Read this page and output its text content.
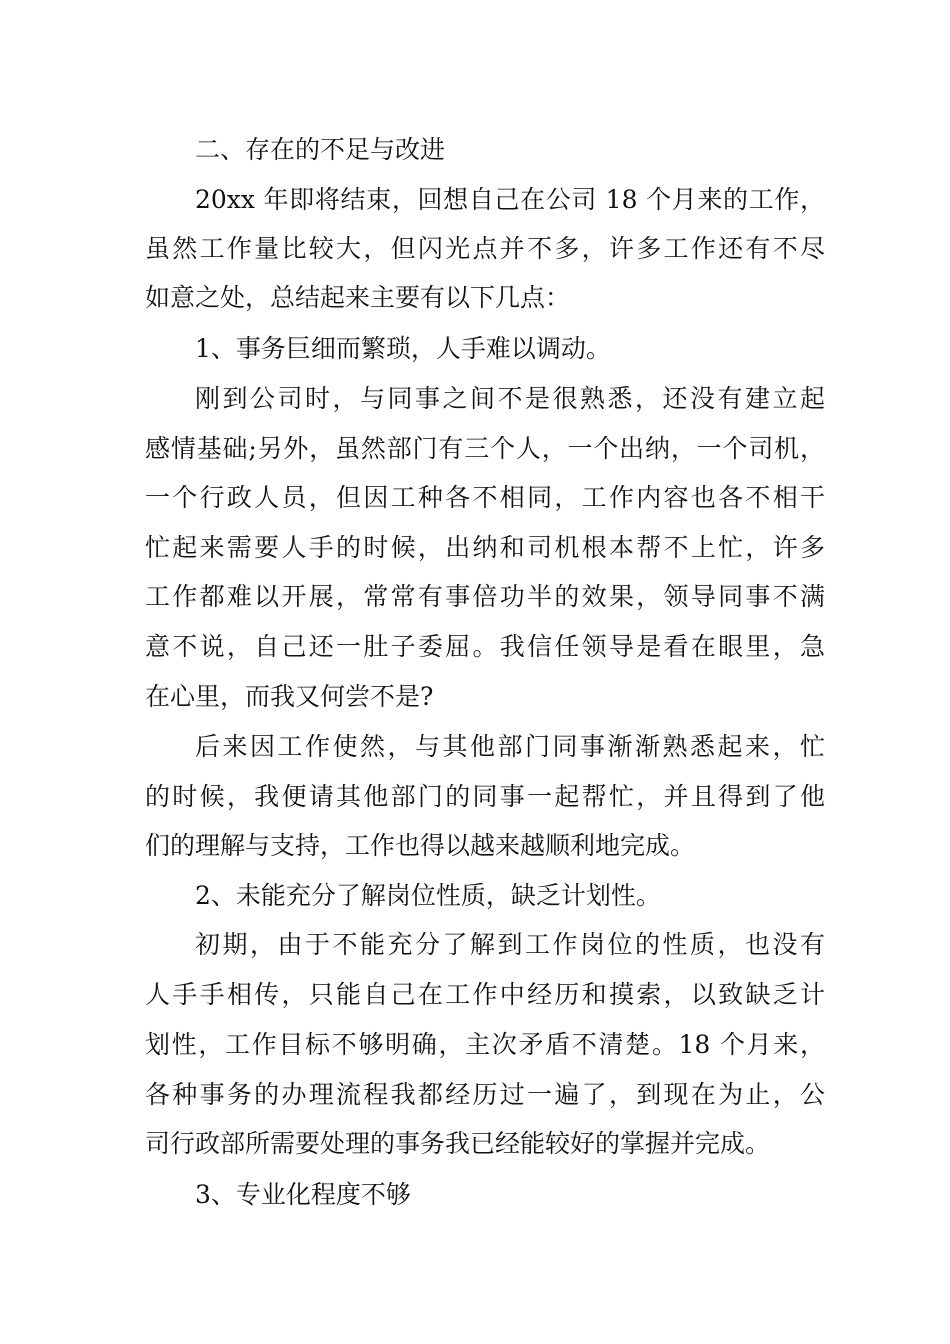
二、存在的不足与改进
20xx 年即将结束，回想自己在公司 18 个月来的工作，
虽然工作量比较大，但闪光点并不多，许多工作还有不尽
如意之处，总结起来主要有以下几点：
1、事务巨细而繁琐，人手难以调动。
刚到公司时，与同事之间不是很熟悉，还没有建立起
感情基础;另外，虽然部门有三个人，一个出纳，一个司机，
一个行政人员，但因工种各不相同，工作内容也各不相干
忙起来需要人手的时候，出纳和司机根本帮不上忙，许多
工作都难以开展，常常有事倍功半的效果，领导同事不满
意不说，自己还一肚子委屈。我信任领导是看在眼里，急
在心里，而我又何尝不是?
后来因工作使然，与其他部门同事渐渐熟悉起来，忙
的时候，我便请其他部门的同事一起帮忙，并且得到了他
们的理解与支持，工作也得以越来越顺利地完成。
2、未能充分了解岗位性质，缺乏计划性。
初期，由于不能充分了解到工作岗位的性质，也没有
人手手相传，只能自己在工作中经历和摸索，以致缺乏计
划性，工作目标不够明确，主次矛盾不清楚。18 个月来，
各种事务的办理流程我都经历过一遍了，到现在为止，公
司行政部所需要处理的事务我已经能较好的掌握并完成。
3、专业化程度不够
